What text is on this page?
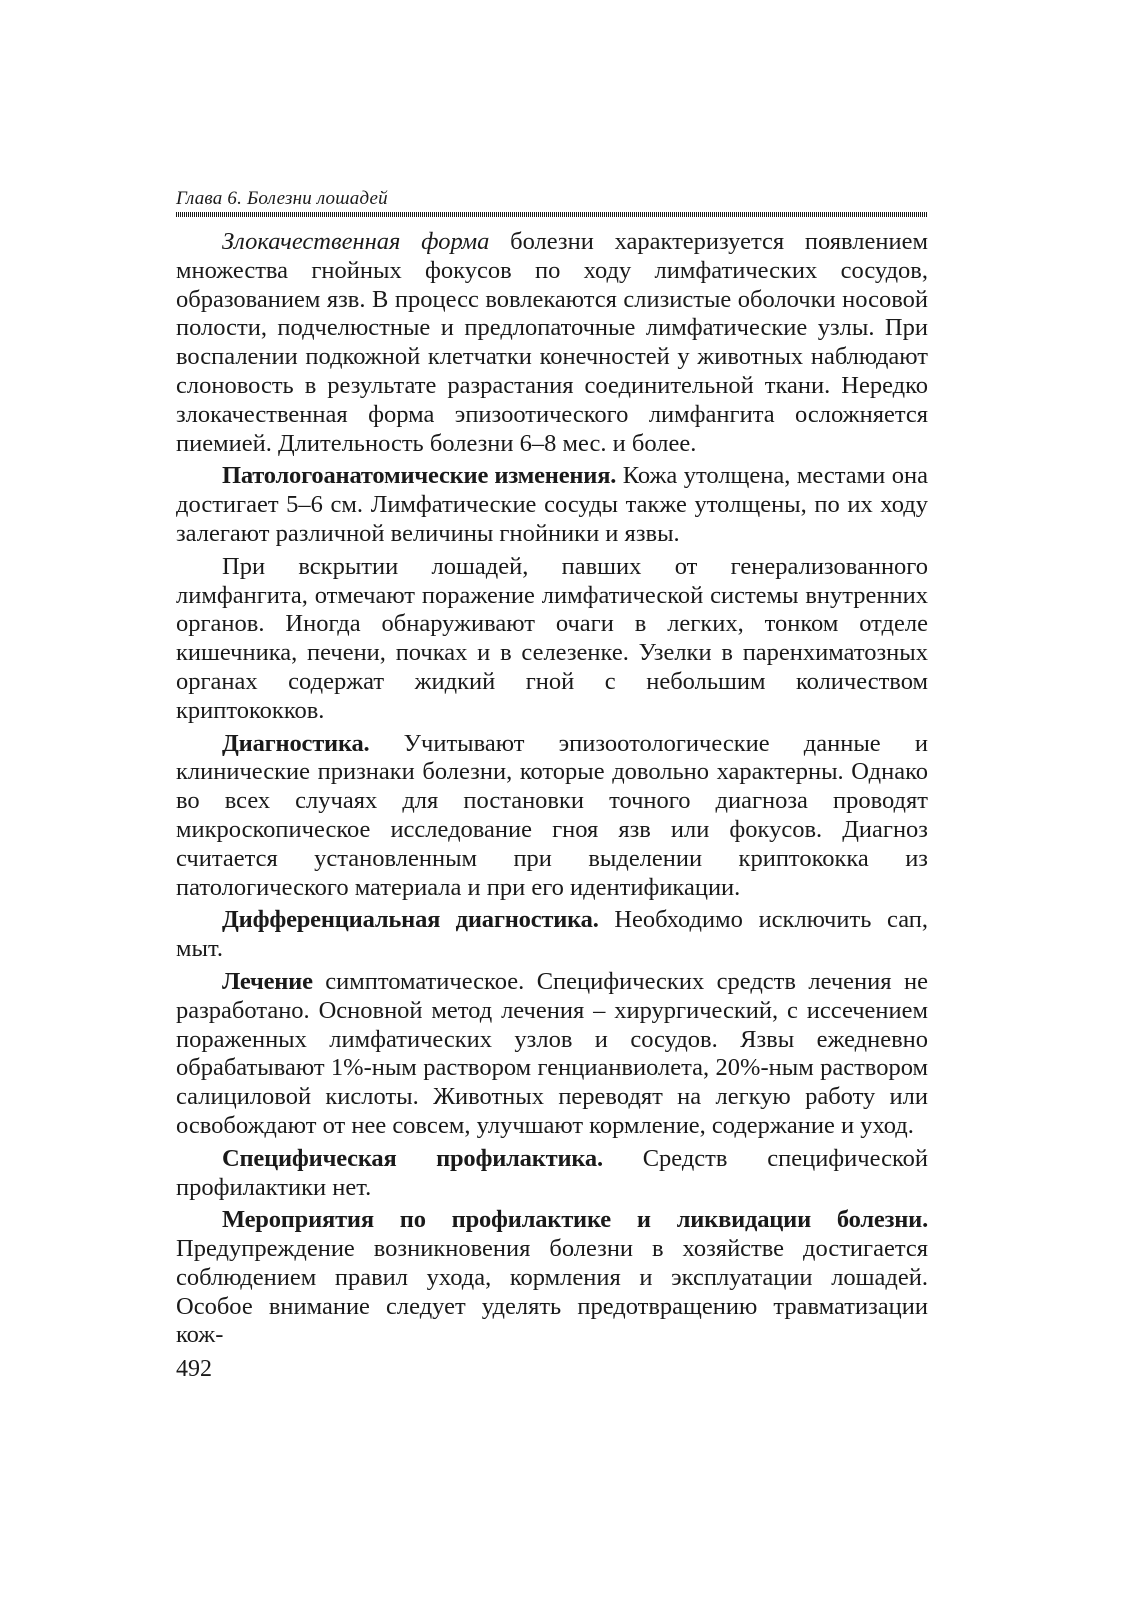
Глава 6. Болезни лошадей

Злокачественная форма болезни характеризуется появлением множества гнойных фокусов по ходу лимфатических сосудов, образованием язв. В процесс вовлекаются слизистые оболочки носовой полости, подчелюстные и предлопаточные лимфатические узлы. При воспалении подкожной клетчатки конечностей у животных наблюдают слоновость в результате разрастания соединительной ткани. Нередко злокачественная форма эпизоотического лимфангита осложняется пиемией. Длительность болезни 6–8 мес. и более.

Патологоанатомические изменения. Кожа утолщена, местами она достигает 5–6 см. Лимфатические сосуды также утолщены, по их ходу залегают различной величины гнойники и язвы.

При вскрытии лошадей, павших от генерализованного лимфангита, отмечают поражение лимфатической системы внутренних органов. Иногда обнаруживают очаги в легких, тонком отделе кишечника, печени, почках и в селезенке. Узелки в паренхиматозных органах содержат жидкий гной с небольшим количеством криптококков.

Диагностика. Учитывают эпизоотологические данные и клинические признаки болезни, которые довольно характерны. Однако во всех случаях для постановки точного диагноза проводят микроскопическое исследование гноя язв или фокусов. Диагноз считается установленным при выделении криптококка из патологического материала и при его идентификации.

Дифференциальная диагностика. Необходимо исключить сап, мыт.

Лечение симптоматическое. Специфических средств лечения не разработано. Основной метод лечения – хирургический, с иссечением пораженных лимфатических узлов и сосудов. Язвы ежедневно обрабатывают 1%-ным раствором генцианвиолета, 20%-ным раствором салициловой кислоты. Животных переводят на легкую работу или освобождают от нее совсем, улучшают кормление, содержание и уход.

Специфическая профилактика. Средств специфической профилактики нет.

Мероприятия по профилактике и ликвидации болезни. Предупреждение возникновения болезни в хозяйстве достигается соблюдением правил ухода, кормления и эксплуатации лошадей. Особое внимание следует уделять предотвращению травматизации кож-

492
